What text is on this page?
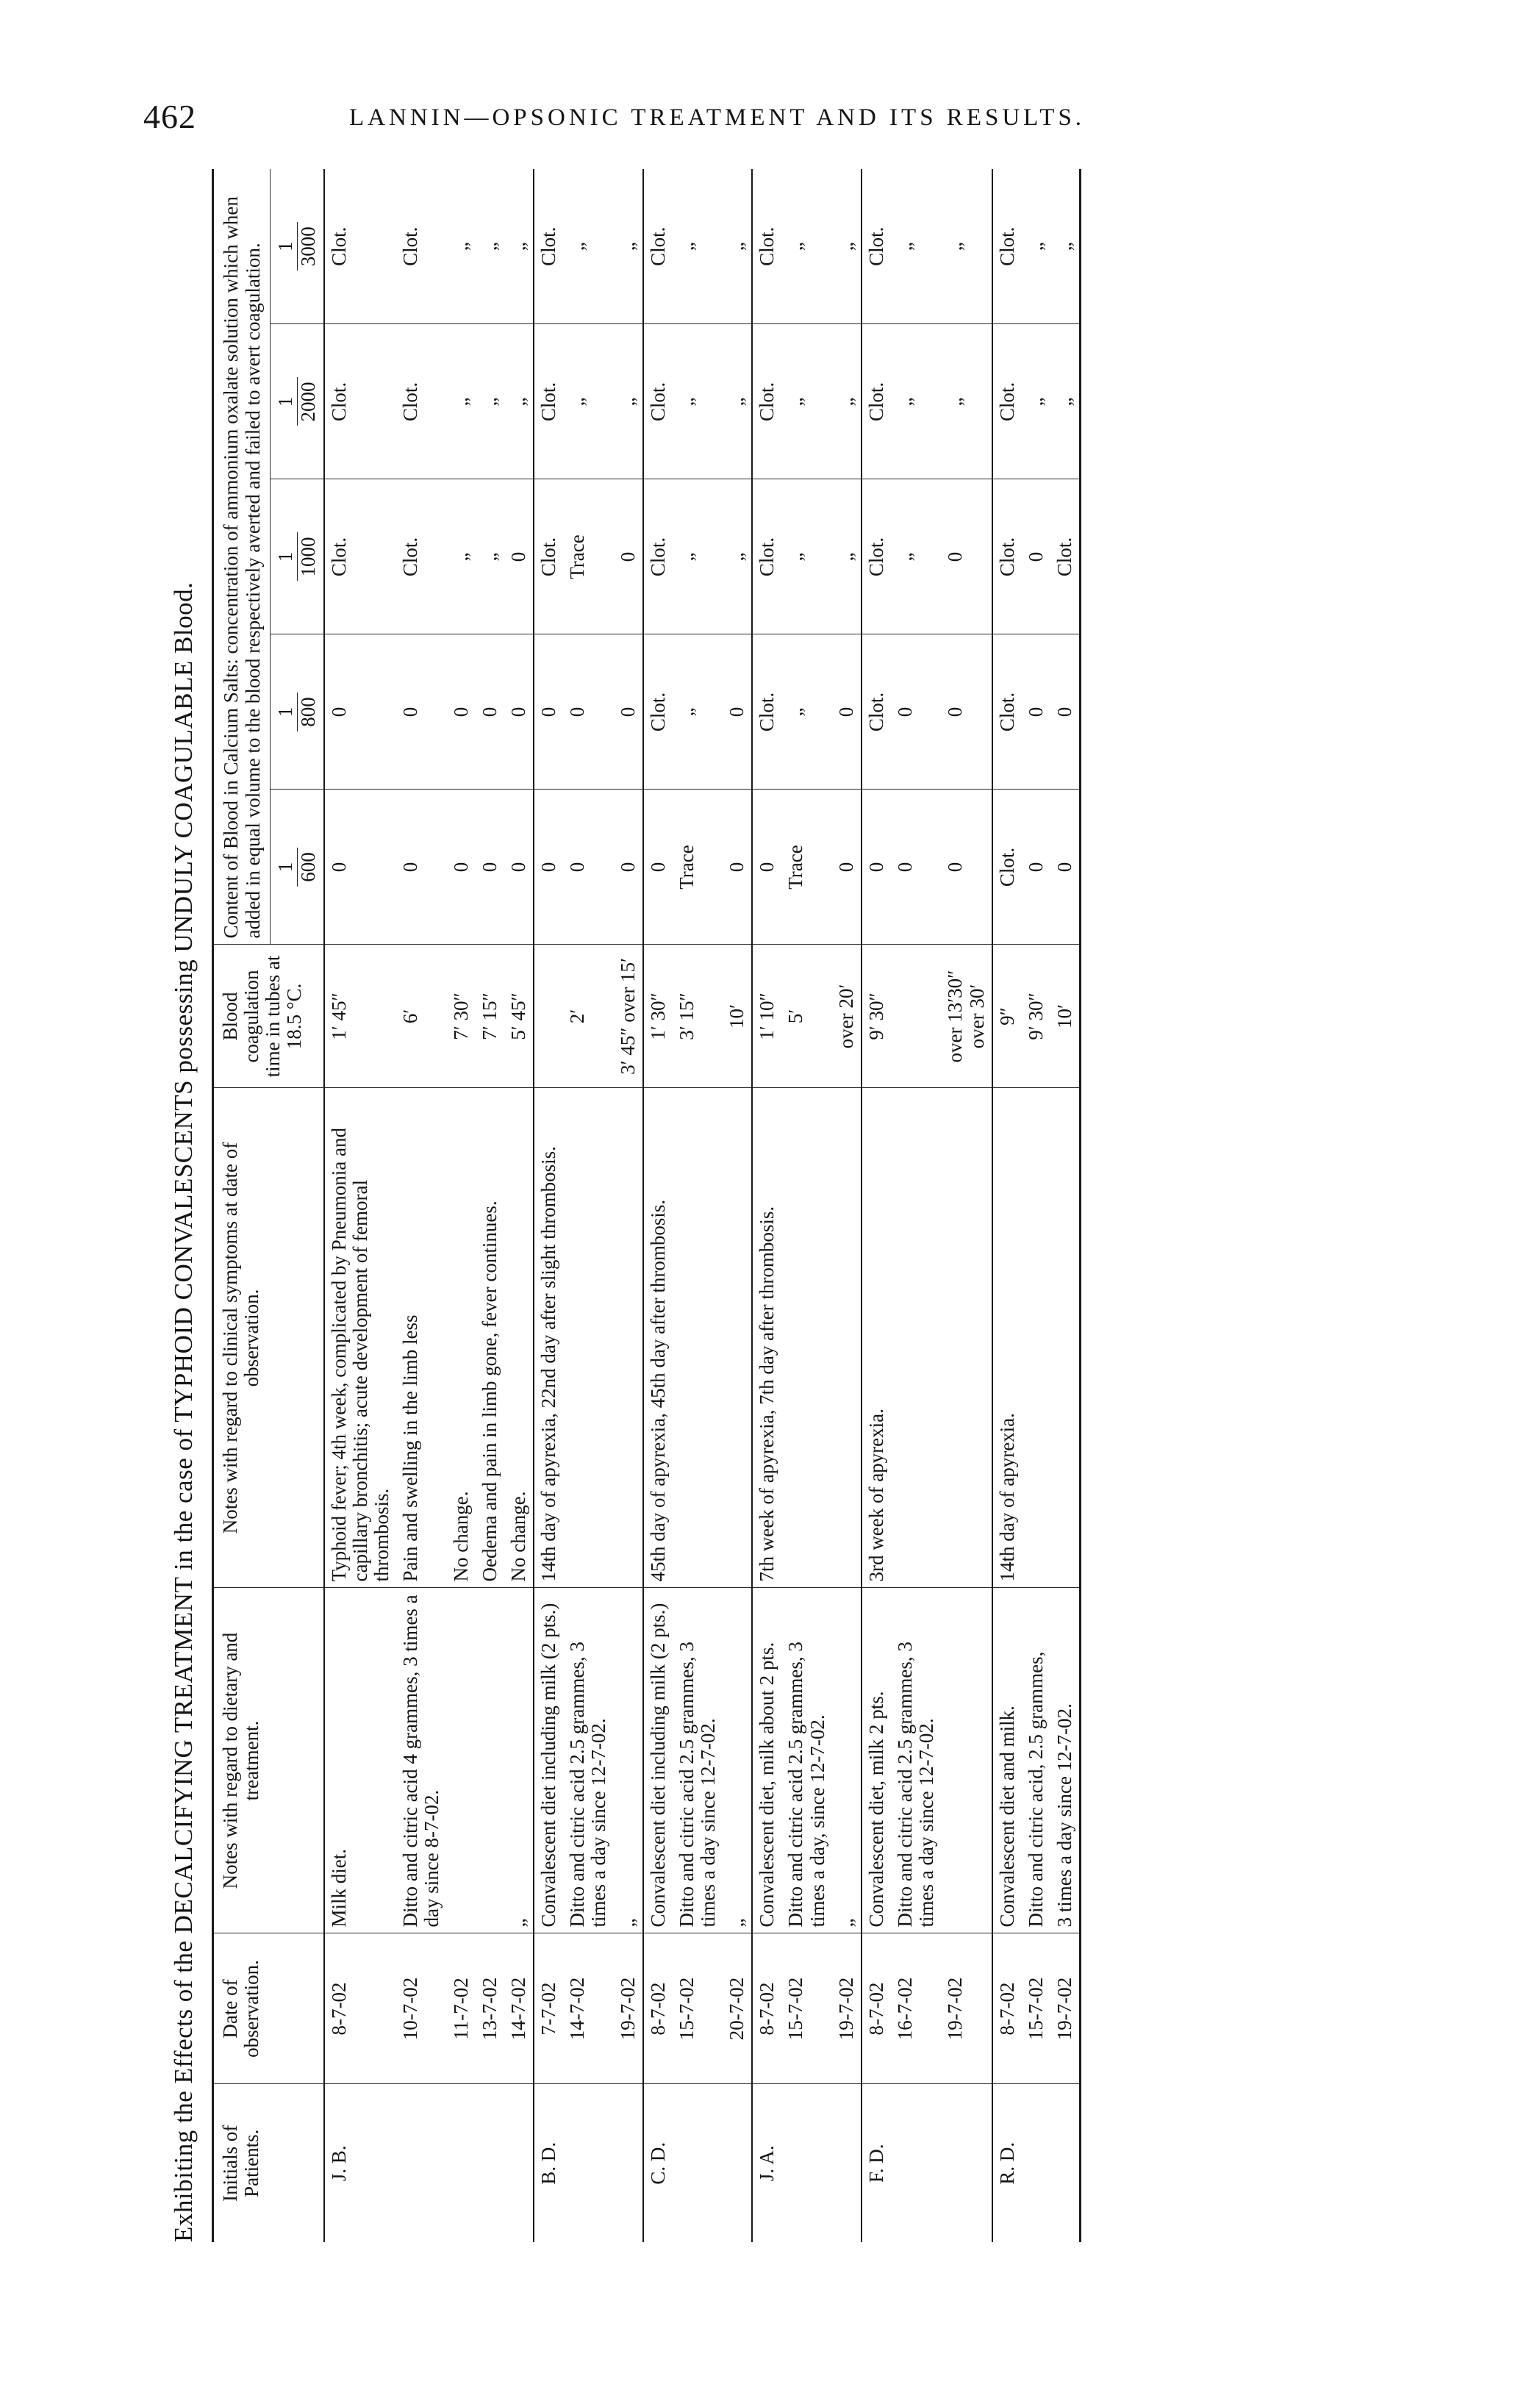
462	LANNIN—OPSONIC TREATMENT AND ITS RESULTS.
Exhibiting the Effects of the DECALCIFYING TREATMENT in the case of TYPHOID CONVALESCENTS possessing UNDULY COAGULABLE Blood. Initials of Patients.	Date of observation.	Notes with regard to dietary and treatment.	Notes with regard to clinical symptoms at date of observation.	Blood coagulation time in tubes at 18.5 °C.	Content of Blood in Calcium Salts: concentration of ammonium oxalate solution which when added in equal volume to the blood respectively averted and failed to avert coagulation.				

					1 600	1 800	1 1000	1 2000	1 3000

J. B.	8-7-02	Milk diet.	Typhoid fever; 4th week, complicated by Pneumonia and capillary bronchitis; acute development of femoral thrombosis.	1′ 45″	0	0	Clot.	Clot.	Clot.
	10-7-02	Ditto and citric acid 4 grammes, 3 times a day since 8-7-02.	Pain and swelling in the limb less	6′	0	0	Clot.	Clot.	Clot.
	11-7-02		No change.	7′ 30″	0	0	„	„	„
	13-7-02		Oedema and pain in limb gone, fever continues.	7′ 15″	0	0	„	„	„
	14-7-02	„	No change.	5′ 45″	0	0	0	„	„
B. D.	7-7-02	Convalescent diet including milk (2 pts.)	14th day of apyrexia, 22nd day after slight thrombosis.		0	0	Clot.	Clot.	Clot.
	14-7-02	Ditto and citric acid 2.5 grammes, 3 times a day since 12-7-02.		2′	0	0	Trace	„	„
	19-7-02	„		3′ 45″ over 15′	0	0	0	„	„
C. D.	8-7-02	Convalescent diet including milk (2 pts.)	45th day of apyrexia, 45th day after thrombosis.	1′ 30″	0	Clot.	Clot.	Clot.	Clot.
	15-7-02	Ditto and citric acid 2.5 grammes, 3 times a day since 12-7-02.		3′ 15″	Trace	„	„	„	„
	20-7-02	„		10′	0	0	„	„	„
J. A.	8-7-02	Convalescent diet, milk about 2 pts.	7th week of apyrexia, 7th day after thrombosis.	1′ 10″	0	Clot.	Clot.	Clot.	Clot.
	15-7-02	Ditto and citric acid 2.5 grammes, 3 times a day, since 12-7-02.		5′	Trace	„	„	„	„
	19-7-02	„		over 20′	0	0	„	„	„
F. D.	8-7-02	Convalescent diet, milk 2 pts.	3rd week of apyrexia.	9′ 30″	0	Clot.	Clot.	Clot.	Clot.
	16-7-02	Ditto and citric acid 2.5 grammes, 3 times a day since 12-7-02.			0	0	„	„	„
	19-7-02			over 13′30″ over 30′	0	0	0	„	„
R. D.	8-7-02	Convalescent diet and milk.	14th day of apyrexia.	9″	Clot.	Clot.	Clot.	Clot.	Clot.
	15-7-02	Ditto and citric acid, 2.5 grammes,		9′ 30″	0	0	0	„	„
	19-7-02	3 times a day since 12-7-02.		10′	0	0	Clot.	„	„
